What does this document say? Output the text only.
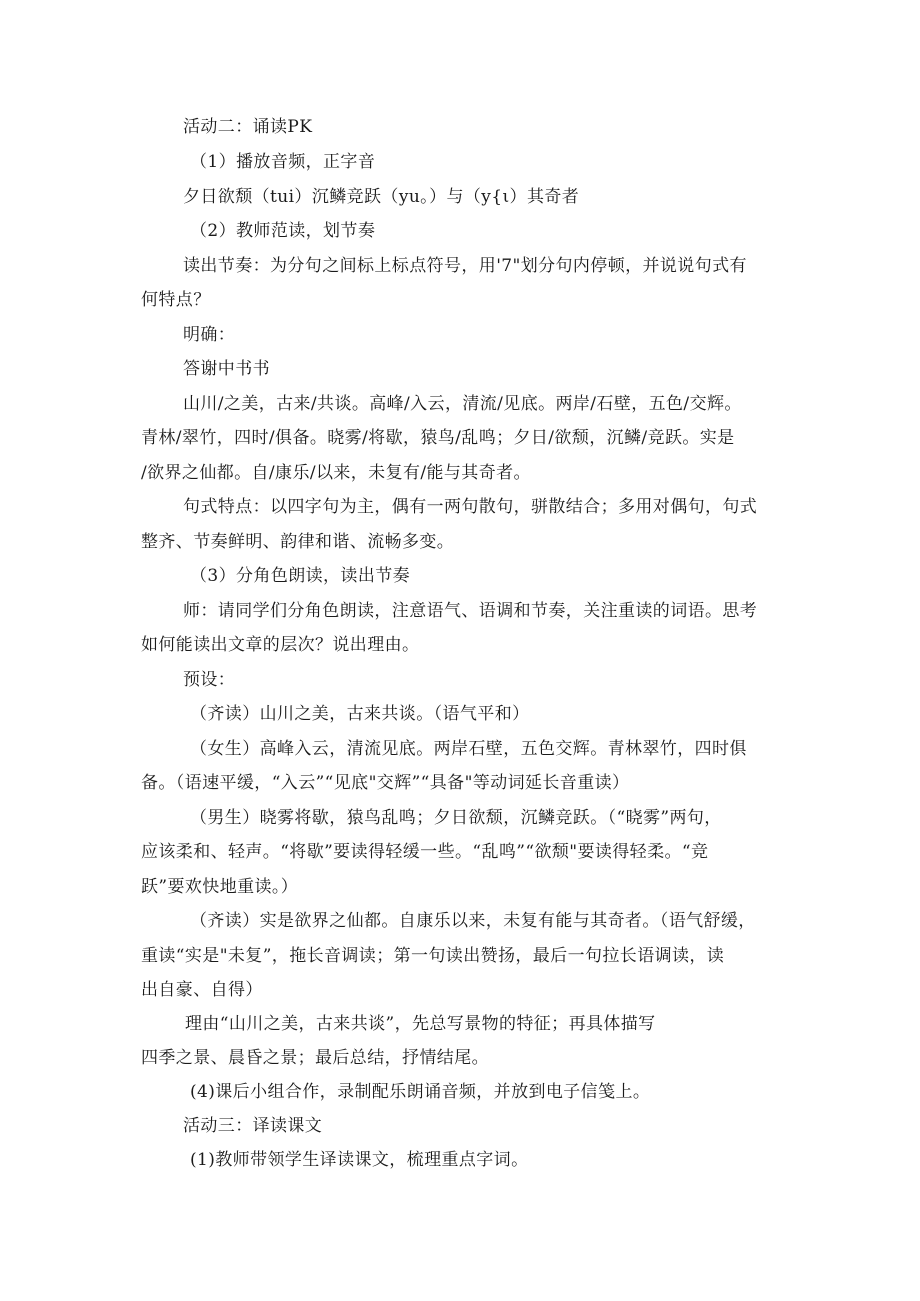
活动二：诵读PK
（1）播放音频，正字音
夕日欲颓（tui）沉鳞竞跃（yu。）与（y{ι）其奇者
（2）教师范读，划节奏
读出节奏：为分句之间标上标点符号，用'7"划分句内停顿，并说说句式有
何特点？
明确：
答谢中书书
山川/之美，古来/共谈。高峰/入云，清流/见底。两岸/石壁，五色/交辉。
青林/翠竹，四时/俱备。晓雾/将歇，猿鸟/乱鸣；夕日/欲颓，沉鳞/竞跃。实是
/欲界之仙都。自/康乐/以来，未复有/能与其奇者。
句式特点：以四字句为主，偶有一两句散句，骈散结合；多用对偶句，句式
整齐、节奏鲜明、韵律和谐、流畅多变。
（3）分角色朗读，读出节奏
师：请同学们分角色朗读，注意语气、语调和节奏，关注重读的词语。思考
如何能读出文章的层次？说出理由。
预设：
（齐读）山川之美，古来共谈。（语气平和）
（女生）高峰入云，清流见底。两岸石壁，五色交辉。青林翠竹，四时俱
备。（语速平缓，“入云”“见底"交辉”“具备"等动词延长音重读）
（男生）晓雾将歇，猿鸟乱鸣；夕日欲颓，沉鳞竞跃。（“晓雾”两句，
应该柔和、轻声。“将歇”要读得轻缓一些。“乱鸣”“欲颓"要读得轻柔。“竞
跃”要欢快地重读。）
（齐读）实是欲界之仙都。自康乐以来，未复有能与其奇者。（语气舒缓，
重读“实是"未复”，拖长音调读；第一句读出赞扬，最后一句拉长语调读，读
出自豪、自得）
理由“山川之美，古来共谈”，先总写景物的特征；再具体描写
四季之景、晨昏之景；最后总结，抒情结尾。
(4)课后小组合作，录制配乐朗诵音频，并放到电子信笺上。
活动三：译读课文
(1)教师带领学生译读课文，梳理重点字词。
